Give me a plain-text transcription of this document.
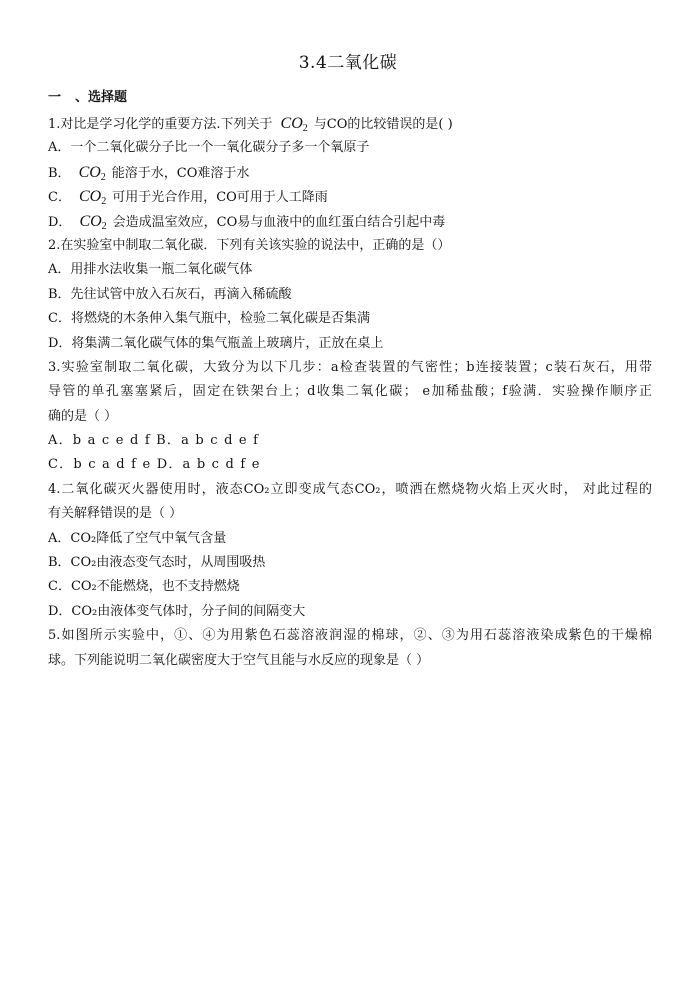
3.4二氧化碳
一 、选择题
1.对比是学习化学的重要方法.下列关于 $CO_2$ 与CO的比较错误的是( )
A．一个二氧化碳分子比一个一氧化碳分子多一个氧原子
B． $CO_2$ 能溶于水，CO难溶于水
C． $CO_2$ 可用于光合作用，CO可用于人工降雨
D． $CO_2$ 会造成温室效应，CO易与血液中的血红蛋白结合引起中毒
2.在实验室中制取二氧化碳．下列有关该实验的说法中，正确的是（）
A．用排水法收集一瓶二氧化碳气体
B．先往试管中放入石灰石，再滴入稀硫酸
C．将燃烧的木条伸入集气瓶中，检验二氧化碳是否集满
D．将集满二氧化碳气体的集气瓶盖上玻璃片，正放在桌上
3.实验室制取二氧化碳，大致分为以下几步：a检查装置的气密性；b连接装置；c装石灰石，用带
导管的单孔塞塞紧后，固定在铁架台上；d收集二氧化碳； e加稀盐酸；f验满．实验操作顺序正
确的是（ ）
A．b a c e d f B．a b c d e f
C．b c a d f e D．a b c d f e
4.二氧化碳灭火器使用时，液态CO₂立即变成气态CO₂，喷洒在燃烧物火焰上灭火时， 对此过程的
有关解释错误的是（ ）
A．CO₂降低了空气中氧气含量
B．CO₂由液态变气态时，从周围吸热
C．CO₂不能燃烧，也不支持燃烧
D．CO₂由液体变气体时，分子间的间隔变大
5.如图所示实验中，①、④为用紫色石蕊溶液润湿的棉球，②、③为用石蕊溶液染成紫色的干燥棉
球。下列能说明二氧化碳密度大于空气且能与水反应的现象是（ ）
